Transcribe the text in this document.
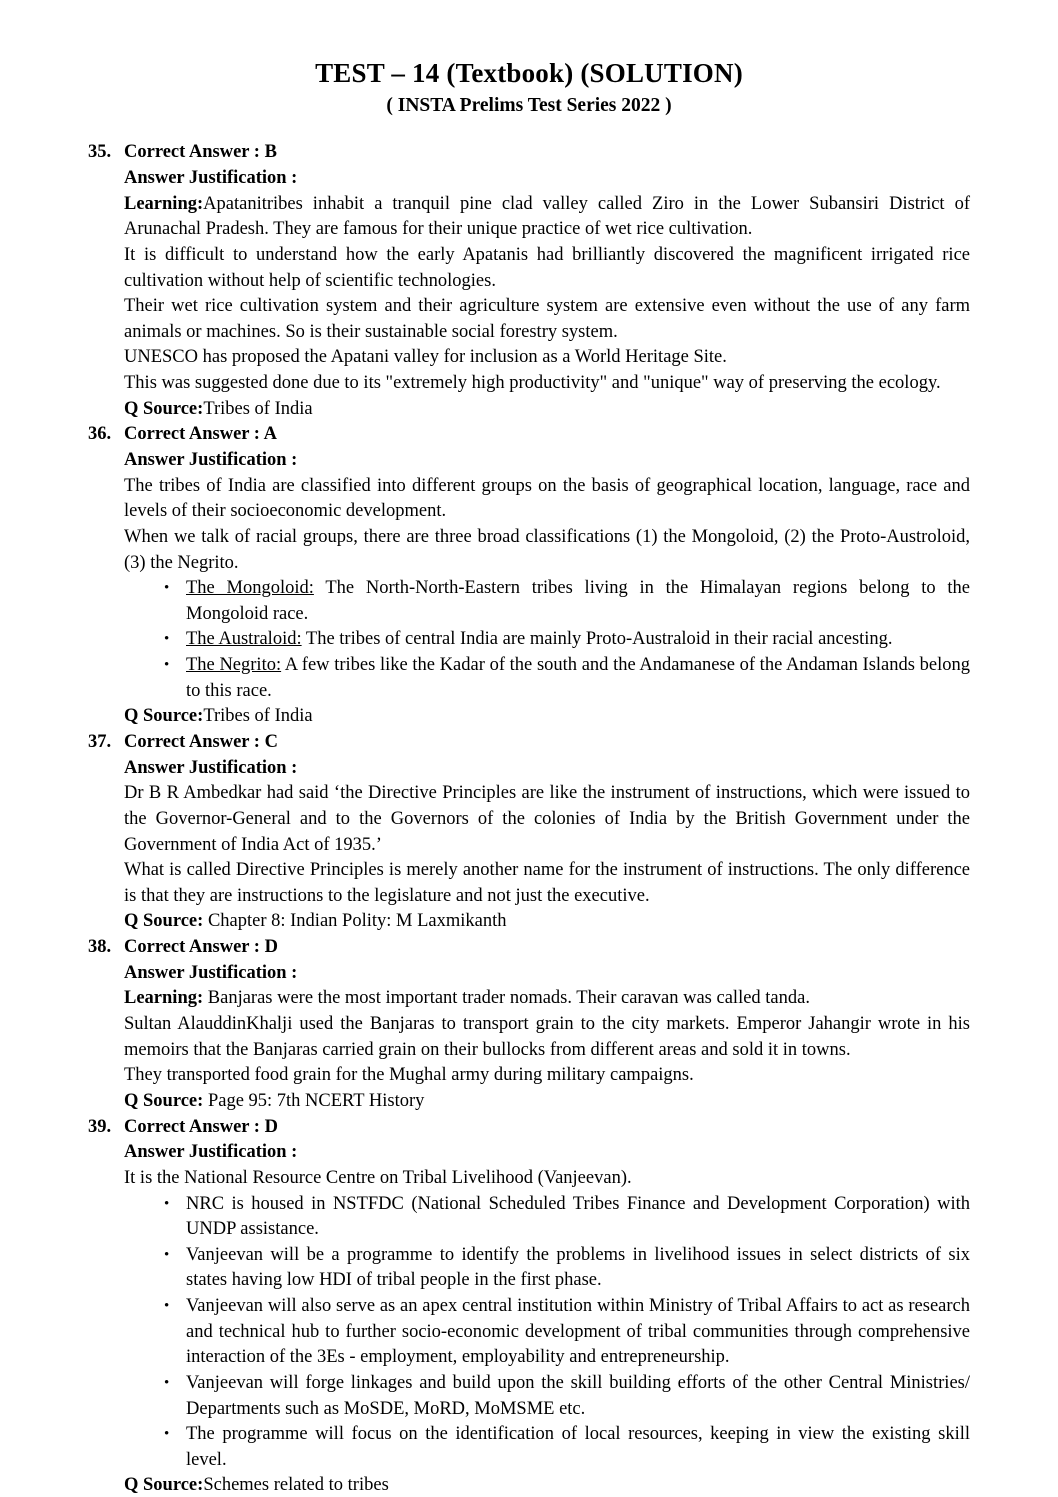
TEST – 14 (Textbook) (SOLUTION)
( INSTA Prelims Test Series 2022 )
35. Correct Answer : B

Answer Justification :

Learning:Apatanitribes inhabit a tranquil pine clad valley called Ziro in the Lower Subansiri District of Arunachal Pradesh. They are famous for their unique practice of wet rice cultivation.

It is difficult to understand how the early Apatanis had brilliantly discovered the magnificent irrigated rice cultivation without help of scientific technologies.

Their wet rice cultivation system and their agriculture system are extensive even without the use of any farm animals or machines. So is their sustainable social forestry system.

UNESCO has proposed the Apatani valley for inclusion as a World Heritage Site.

This was suggested done due to its "extremely high productivity" and "unique" way of preserving the ecology.

Q Source:Tribes of India

36. Correct Answer : A

Answer Justification :

The tribes of India are classified into different groups on the basis of geographical location, language, race and levels of their socioeconomic development.

When we talk of racial groups, there are three broad classifications (1) the Mongoloid, (2) the Proto-Austroloid, (3) the Negrito.

• The Mongoloid: The North-North-Eastern tribes living in the Himalayan regions belong to the Mongoloid race.
• The Australoid: The tribes of central India are mainly Proto-Australoid in their racial ancesting.
• The Negrito: A few tribes like the Kadar of the south and the Andamanese of the Andaman Islands belong to this race.

Q Source:Tribes of India

37. Correct Answer : C

Answer Justification :

Dr B R Ambedkar had said ‘the Directive Principles are like the instrument of instructions, which were issued to the Governor-General and to the Governors of the colonies of India by the British Government under the Government of India Act of 1935.’

What is called Directive Principles is merely another name for the instrument of instructions. The only difference is that they are instructions to the legislature and not just the executive.

Q Source: Chapter 8: Indian Polity: M Laxmikanth

38. Correct Answer : D

Answer Justification :

Learning: Banjaras were the most important trader nomads. Their caravan was called tanda.

Sultan AlauddinKhalji used the Banjaras to transport grain to the city markets. Emperor Jahangir wrote in his memoirs that the Banjaras carried grain on their bullocks from different areas and sold it in towns.

They transported food grain for the Mughal army during military campaigns.

Q Source: Page 95: 7th NCERT History

39. Correct Answer : D

Answer Justification :

It is the National Resource Centre on Tribal Livelihood (Vanjeevan).

• NRC is housed in NSTFDC (National Scheduled Tribes Finance and Development Corporation) with UNDP assistance.
• Vanjeevan will be a programme to identify the problems in livelihood issues in select districts of six states having low HDI of tribal people in the first phase.
• Vanjeevan will also serve as an apex central institution within Ministry of Tribal Affairs to act as research and technical hub to further socio-economic development of tribal communities through comprehensive interaction of the 3Es - employment, employability and entrepreneurship.
• Vanjeevan will forge linkages and build upon the skill building efforts of the other Central Ministries/ Departments such as MoSDE, MoRD, MoMSME etc.
• The programme will focus on the identification of local resources, keeping in view the existing skill level.

Q Source:Schemes related to tribes
